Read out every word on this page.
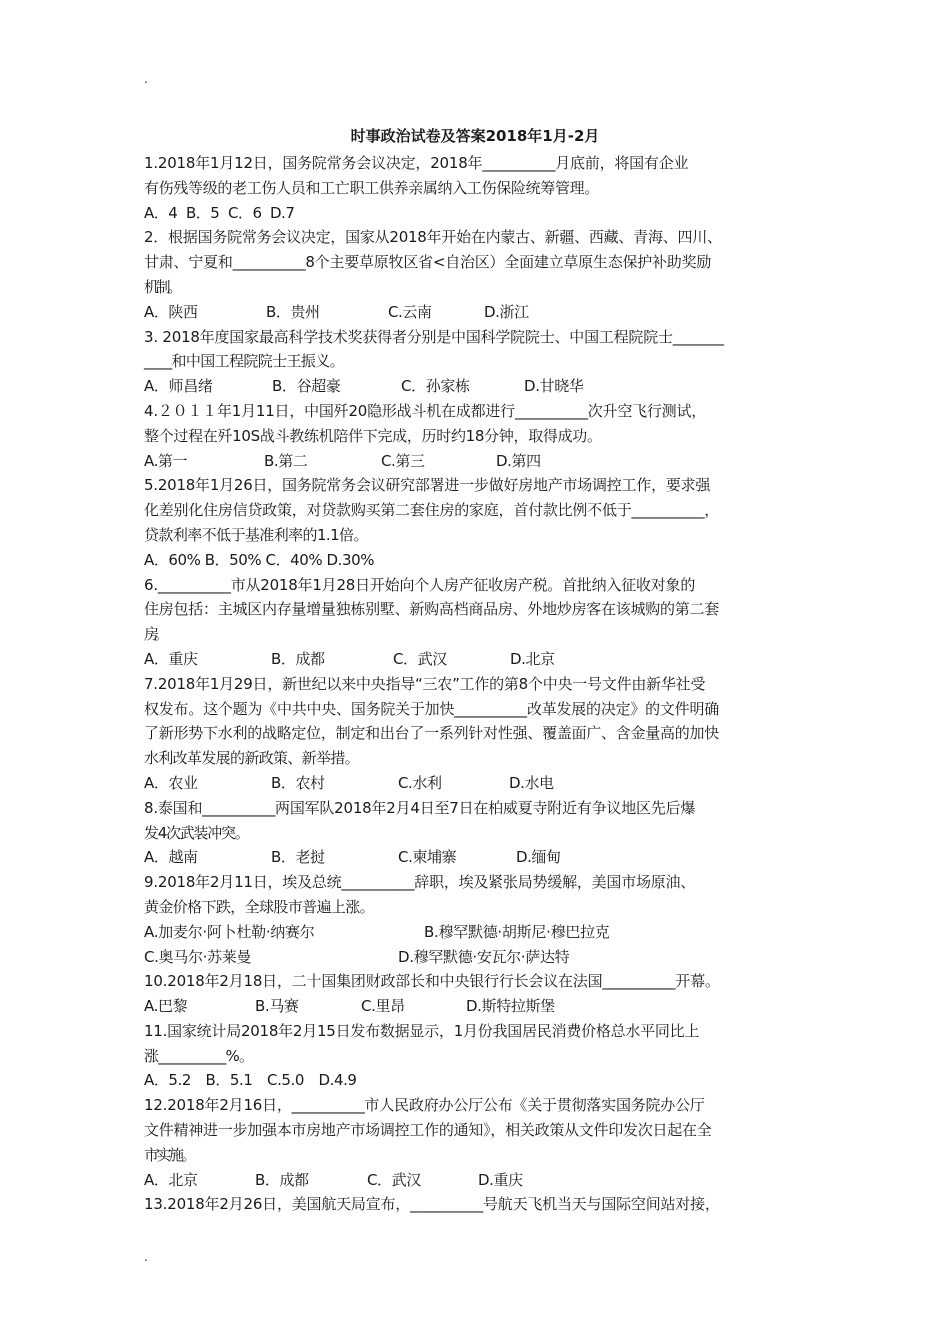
.
时事政治试卷及答案2018年1月-2月
1.2018年1月12日，国务院常务会议决定，2018年__________月底前，将国有企业
有伤残等级的老工伤人员和工亡职工供养亲属纳入工伤保险统筹管理。
A．4 B．5 C．6 D.7
2．根据国务院常务会议决定，国家从2018年开始在内蒙古、新疆、西藏、青海、四川、
甘肃、宁夏和__________8个主要草原牧区省<自治区）全面建立草原生态保护补助奖励
机制。
A．陕西	B．贵州	C.云南	D.浙江
3. 2018年度国家最高科学技术奖获得者分别是中国科学院院士、中国工程院院士_______
____和中国工程院院士王振义。
A．师昌绪	B．谷超豪	C．孙家栋	D.甘晓华
4.２０１１年1月11日，中国歼20隐形战斗机在成都进行__________次升空飞行测试，
整个过程在歼10S战斗教练机陪伴下完成，历时约18分钟，取得成功。
A.第一	B.第二	C.第三	D.第四
5.2018年1月26日，国务院常务会议研究部署进一步做好房地产市场调控工作，要求强
化差别化住房信贷政策，对贷款购买第二套住房的家庭，首付款比例不低于__________，
贷款利率不低于基准利率的1.1倍。
A．60% B．50% C．40% D.30%
6.__________市从2018年1月28日开始向个人房产征收房产税。首批纳入征收对象的
住房包括：主城区内存量增量独栋别墅、新购高档商品房、外地炒房客在该城购的第二套
房。
A．重庆	B．成都	C．武汉	D.北京
7.2018年1月29日，新世纪以来中央指导“三农”工作的第8个中央一号文件由新华社受
权发布。这个题为《中共中央、国务院关于加快__________改革发展的决定》的文件明确
了新形势下水利的战略定位，制定和出台了一系列针对性强、覆盖面广、含金量高的加快
水利改革发展的新政策、新举措。
A．农业	B．农村	C.水利	D.水电
8.泰国和__________两国军队2018年2月4日至7日在柏威夏寺附近有争议地区先后爆
发4次武装冲突。
A．越南	B．老挝	C.柬埔寨	D.缅甸
9.2018年2月11日，埃及总统__________辞职，埃及紧张局势缓解，美国市场原油、
黄金价格下跌，全球股市普遍上涨。
A.加麦尔·阿卜杜勒·纳赛尔	B.穆罕默德·胡斯尼·穆巴拉克
C.奥马尔·苏莱曼	D.穆罕默德·安瓦尔·萨达特
10.2018年2月18日，二十国集团财政部长和中央银行行长会议在法国__________开幕。
A.巴黎	B.马赛	C.里昂	D.斯特拉斯堡
11.国家统计局2018年2月15日发布数据显示，1月份我国居民消费价格总水平同比上
涨__________%。
A．5.2　B．5.1　C.5.0　D.4.9
12.2018年2月16日，__________市人民政府办公厅公布《关于贯彻落实国务院办公厅
文件精神进一步加强本市房地产市场调控工作的通知》，相关政策从文件印发次日起在全
市实施。
A．北京	B．成都	C．武汉	D.重庆
13.2018年2月26日，美国航天局宣布，__________号航天飞机当天与国际空间站对接，
.
